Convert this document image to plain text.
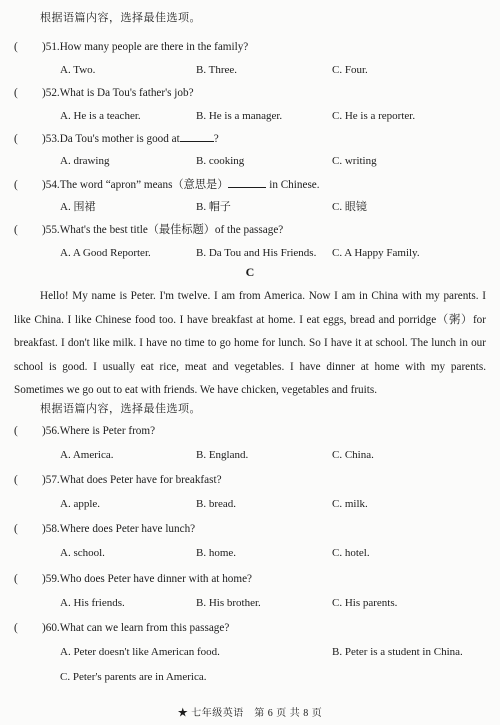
根据语篇内容，选择最佳选项。
( )51.How many people are there in the family?
A. Two.	B. Three.	C. Four.
( )52.What is Da Tou's father's job?
A. He is a teacher.	B. He is a manager.	C. He is a reporter.
( )53.Da Tou's mother is good at	?
A. drawing	B. cooking	C. writing
( )54.The word “apron” means（意思是）	in Chinese.
A. 围裙	B. 帽子	C. 眼镜
( )55.What's the best title（最佳标题）of the passage?
A. A Good Reporter.	B. Da Tou and His Friends. C. A Happy Family.
C
Hello! My name is Peter. I'm twelve. I am from America. Now I am in China with my parents. I like China. I like Chinese food too. I have breakfast at home. I eat eggs, bread and porridge（粥）for breakfast. I don't like milk. I have no time to go home for lunch. So I have it at school. The lunch in our school is good. I usually eat rice, meat and vegetables. I have dinner at home with my parents. Sometimes we go out to eat with friends. We have chicken, vegetables and fruits.
根据语篇内容，选择最佳选项。
( )56.Where is Peter from?
A. America.	B. England.	C. China.
( )57.What does Peter have for breakfast?
A. apple.	B. bread.	C. milk.
( )58.Where does Peter have lunch?
A. school.	B. home.	C. hotel.
( )59.Who does Peter have dinner with at home?
A. His friends.	B. His brother.	C. His parents.
( )60.What can we learn from this passage?
A. Peter doesn't like American food.	B. Peter is a student in China.
C. Peter's parents are in America.
★ 七年级英语　第 6 页 共 8 页
